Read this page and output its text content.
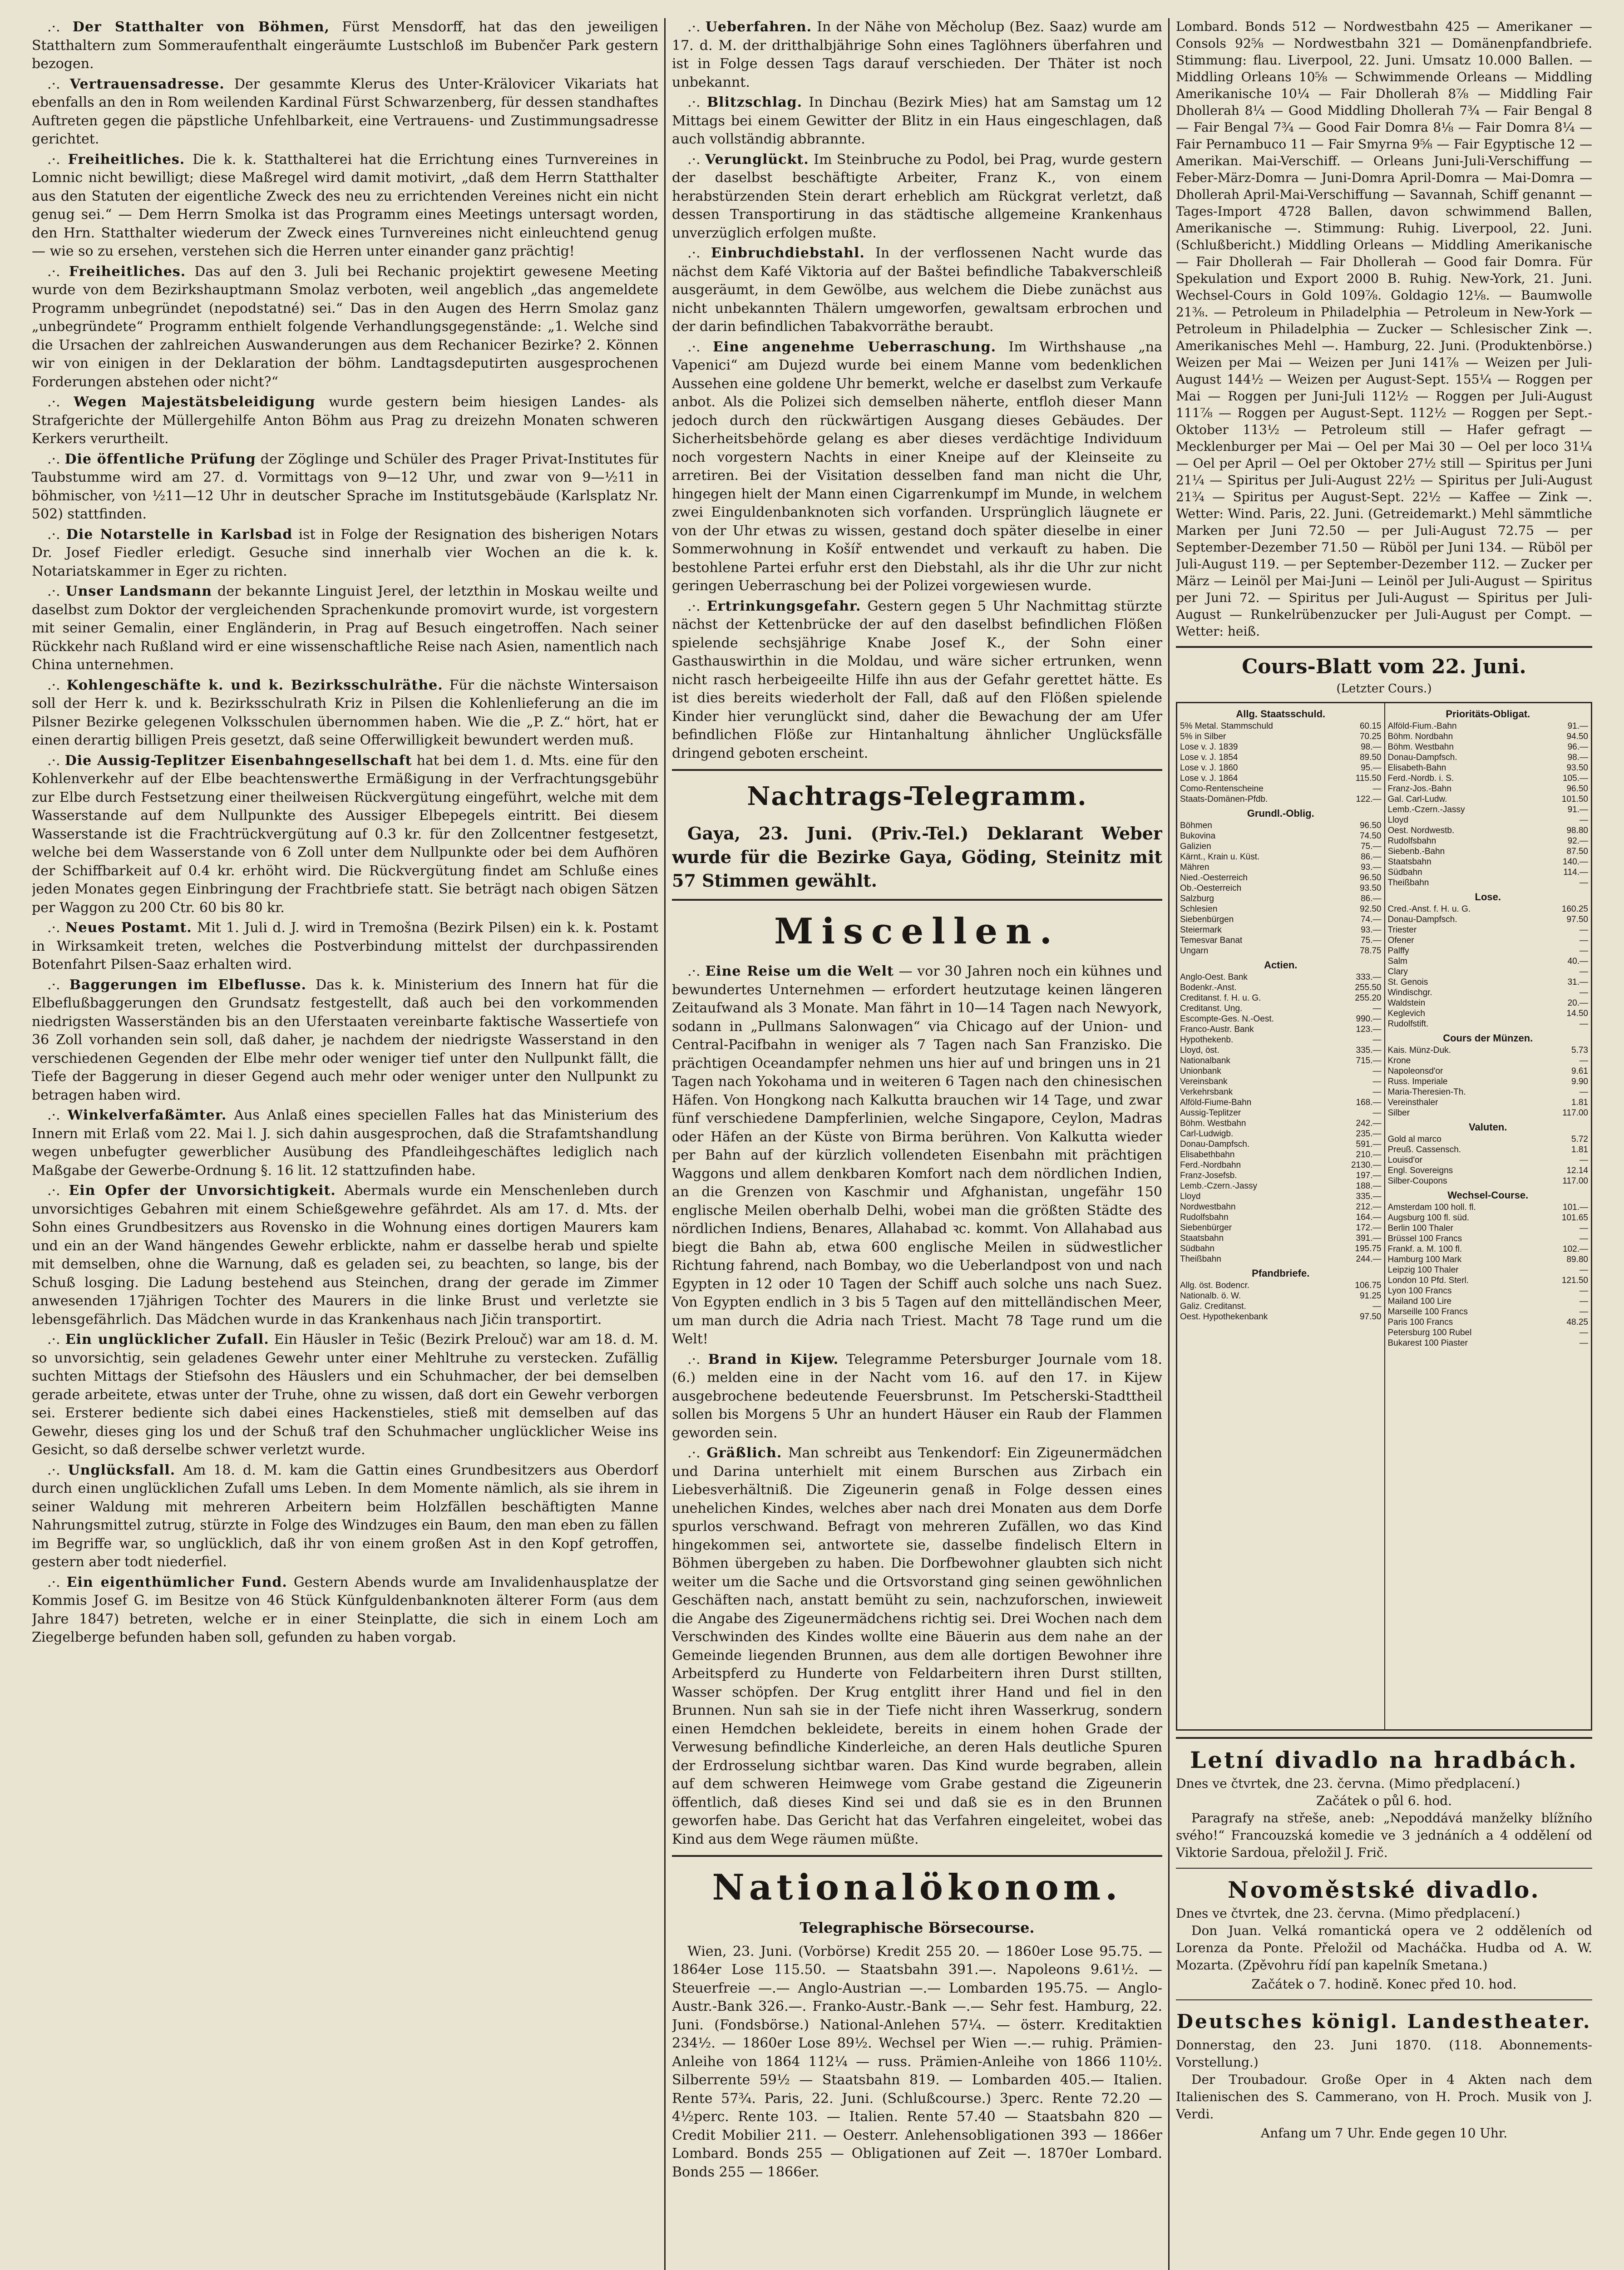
.·. Der Statthalter von Böhmen, Fürst Mensdorff, hat das den jeweiligen Statthaltern zum Sommeraufenthalt eingeräumte Lustschloß im Bubenčer Park gestern bezogen.

.·. Vertrauensadresse. Der gesammte Klerus des Unter-Krälovicer Vikariats hat ebenfalls an den in Rom weilenden Kardinal Fürst Schwarzenberg, für dessen standhaftes Auftreten gegen die päpstliche Unfehlbarkeit, eine Vertrauens- und Zustimmungsadresse gerichtet.

.·. Freiheitliches. Die k. k. Statthalterei hat die Errichtung eines Turnvereines in Lomnic nicht bewilligt; diese Maßregel wird damit motivirt, „daß dem Herrn Statthalter aus den Statuten der eigentliche Zweck des neu zu errichtenden Vereines nicht ein nicht genug sei.“ — Dem Herrn Smolka ist das Programm eines Meetings untersagt worden, den Hrn. Statthalter wiederum der Zweck eines Turnvereines nicht einleuchtend genug — wie so zu ersehen, verstehen sich die Herren unter einander ganz prächtig!

.·. Freiheitliches. Das auf den 3. Juli bei Rechanic projektirt gewesene Meeting wurde von dem Bezirkshauptmann Smolaz verboten, weil angeblich „das angemeldete Programm unbegründet (nepodstatné) sei.“ Das in den Augen des Herrn Smolaz ganz „unbegründete“ Programm enthielt folgende Verhandlungsgegenstände: „1. Welche sind die Ursachen der zahlreichen Auswanderungen aus dem Rechanicer Bezirke? 2. Können wir von einigen in der Deklaration der böhm. Landtagsdeputirten ausgesprochenen Forderungen abstehen oder nicht?“

.·. Wegen Majestätsbeleidigung wurde gestern beim hiesigen Landes- als Strafgerichte der Müllergehilfe Anton Böhm aus Prag zu dreizehn Monaten schweren Kerkers verurtheilt.

.·. Die öffentliche Prüfung der Zöglinge und Schüler des Prager Privat-Institutes für Taubstumme wird am 27. d. Vormittags von 9—12 Uhr, und zwar von 9—½11 in böhmischer, von ½11—12 Uhr in deutscher Sprache im Institutsgebäude (Karlsplatz Nr. 502) stattfinden.

.·. Die Notarstelle in Karlsbad ist in Folge der Resignation des bisherigen Notars Dr. Josef Fiedler erledigt. Gesuche sind innerhalb vier Wochen an die k. k. Notariatskammer in Eger zu richten.

.·. Unser Landsmann der bekannte Linguist Jerel, der letzthin in Moskau weilte und daselbst zum Doktor der vergleichenden Sprachenkunde promovirt wurde, ist vorgestern mit seiner Gemalin, einer Engländerin, in Prag auf Besuch eingetroffen. Nach seiner Rückkehr nach Rußland wird er eine wissenschaftliche Reise nach Asien, namentlich nach China unternehmen.

.·. Kohlengeschäfte k. und k. Bezirksschulräthe. Für die nächste Wintersaison soll der Herr k. und k. Bezirksschulrath Kriz in Pilsen die Kohlenlieferung an die im Pilsner Bezirke gelegenen Volksschulen übernommen haben. Wie die „P. Z.“ hört, hat er einen derartig billigen Preis gesetzt, daß seine Offerwilligkeit bewundert werden muß.

.·. Die Aussig-Teplitzer Eisenbahngesellschaft hat bei dem 1. d. Mts. eine für den Kohlenverkehr auf der Elbe beachtenswerthe Ermäßigung in der Verfrachtungsgebühr zur Elbe durch Festsetzung einer theilweisen Rückvergütung eingeführt, welche mit dem Wasserstande auf dem Nullpunkte des Aussiger Elbepegels eintritt. Bei diesem Wasserstande ist die Frachtrückvergütung auf 0.3 kr. für den Zollcentner festgesetzt, welche bei dem Wasserstande von 6 Zoll unter dem Nullpunkte oder bei dem Aufhören der Schiffbarkeit auf 0.4 kr. erhöht wird. Die Rückvergütung findet am Schluße eines jeden Monates gegen Einbringung der Frachtbriefe statt. Sie beträgt nach obigen Sätzen per Waggon zu 200 Ctr. 60 bis 80 kr.

.·. Neues Postamt. Mit 1. Juli d. J. wird in Tremošna (Bezirk Pilsen) ein k. k. Postamt in Wirksamkeit treten, welches die Postverbindung mittelst der durchpassirenden Botenfahrt Pilsen-Saaz erhalten wird.

.·. Baggerungen im Elbeflusse. Das k. k. Ministerium des Innern hat für die Elbeflußbaggerungen den Grundsatz festgestellt, daß auch bei den vorkommenden niedrigsten Wasserständen bis an den Uferstaaten vereinbarte faktische Wassertiefe von 36 Zoll vorhanden sein soll, daß daher, je nachdem der niedrigste Wasserstand in den verschiedenen Gegenden der Elbe mehr oder weniger tief unter den Nullpunkt fällt, die Tiefe der Baggerung in dieser Gegend auch mehr oder weniger unter den Nullpunkt zu betragen haben wird.

.·. Winkelverfaßämter. Aus Anlaß eines speciellen Falles hat das Ministerium des Innern mit Erlaß vom 22. Mai l. J. sich dahin ausgesprochen, daß die Strafamtshandlung wegen unbefugter gewerblicher Ausübung des Pfandleihgeschäftes lediglich nach Maßgabe der Gewerbe-Ordnung §. 16 lit. 12 stattzufinden habe.

.·. Ein Opfer der Unvorsichtigkeit. Abermals wurde ein Menschenleben durch unvorsichtiges Gebahren mit einem Schießgewehre gefährdet. Als am 17. d. Mts. der Sohn eines Grundbesitzers aus Rovensko in die Wohnung eines dortigen Maurers kam und ein an der Wand hängendes Gewehr erblickte, nahm er dasselbe herab und spielte mit demselben, ohne die Warnung, daß es geladen sei, zu beachten, so lange, bis der Schuß losging. Die Ladung bestehend aus Steinchen, drang der gerade im Zimmer anwesenden 17jährigen Tochter des Maurers in die linke Brust und verletzte sie lebensgefährlich. Das Mädchen wurde in das Krankenhaus nach Jičin transportirt.

.·. Ein unglücklicher Zufall. Ein Häusler in Tešic (Bezirk Prelouč) war am 18. d. M. so unvorsichtig, sein geladenes Gewehr unter einer Mehltruhe zu verstecken. Zufällig suchten Mittags der Stiefsohn des Häuslers und ein Schuhmacher, der bei demselben gerade arbeitete, etwas unter der Truhe, ohne zu wissen, daß dort ein Gewehr verborgen sei. Ersterer bediente sich dabei eines Hackenstieles, stieß mit demselben auf das Gewehr, dieses ging los und der Schuß traf den Schuhmacher unglücklicher Weise ins Gesicht, so daß derselbe schwer verletzt wurde.

.·. Unglücksfall. Am 18. d. M. kam die Gattin eines Grundbesitzers aus Oberdorf durch einen unglücklichen Zufall ums Leben. In dem Momente nämlich, als sie ihrem in seiner Waldung mit mehreren Arbeitern beim Holzfällen beschäftigten Manne Nahrungsmittel zutrug, stürzte in Folge des Windzuges ein Baum, den man eben zu fällen im Begriffe war, so unglücklich, daß ihr von einem großen Ast in den Kopf getroffen, gestern aber todt niederfiel.

.·. Ein eigenthümlicher Fund. Gestern Abends wurde am Invalidenhausplatze der Kommis Josef G. im Besitze von 46 Stück Künfguldenbanknoten älterer Form (aus dem Jahre 1847) betreten, welche er in einer Steinplatte, die sich in einem Loch am Ziegelberge befunden haben soll, gefunden zu haben vorgab.

.·. Ueberfahren. In der Nähe von Měcholup (Bez. Saaz) wurde am 17. d. M. der dritthalbjährige Sohn eines Taglöhners überfahren und ist in Folge dessen Tags darauf verschieden. Der Thäter ist noch unbekannt.

.·. Blitzschlag. In Dinchau (Bezirk Mies) hat am Samstag um 12 Mittags bei einem Gewitter der Blitz in ein Haus eingeschlagen, daß auch vollständig abbrannte.

.·. Verunglückt. Im Steinbruche zu Podol, bei Prag, wurde gestern der daselbst beschäftigte Arbeiter, Franz K., von einem herabstürzenden Stein derart erheblich am Rückgrat verletzt, daß dessen Transportirung in das städtische allgemeine Krankenhaus unverzüglich erfolgen mußte.

.·. Einbruchdiebstahl. In der verflossenen Nacht wurde das nächst dem Kafé Viktoria auf der Baštei befindliche Tabakverschleiß ausgeräumt, in dem Gewölbe, aus welchem die Diebe zunächst aus nicht unbekannten Thälern umgeworfen, gewaltsam erbrochen und der darin befindlichen Tabakvorräthe beraubt.

.·. Eine angenehme Ueberraschung. Im Wirthshause „na Vapenici“ am Dujezd wurde bei einem Manne vom bedenklichen Aussehen eine goldene Uhr bemerkt, welche er daselbst zum Verkaufe anbot. Als die Polizei sich demselben näherte, entfloh dieser Mann jedoch durch den rückwärtigen Ausgang dieses Gebäudes. Der Sicherheitsbehörde gelang es aber dieses verdächtige Individuum noch vorgestern Nachts in einer Kneipe auf der Kleinseite zu arretiren. Bei der Visitation desselben fand man nicht die Uhr, hingegen hielt der Mann einen Cigarrenkumpf im Munde, in welchem zwei Einguldenbanknoten sich vorfanden. Ursprünglich läugnete er von der Uhr etwas zu wissen, gestand doch später dieselbe in einer Sommerwohnung in Košíř entwendet und verkauft zu haben. Die bestohlene Partei erfuhr erst den Diebstahl, als ihr die Uhr zur nicht geringen Ueberraschung bei der Polizei vorgewiesen wurde.

.·. Ertrinkungsgefahr. Gestern gegen 5 Uhr Nachmittag stürzte nächst der Kettenbrücke der auf den daselbst befindlichen Flößen spielende sechsjährige Knabe Josef K., der Sohn einer Gasthauswirthin in die Moldau, und wäre sicher ertrunken, wenn nicht rasch herbeigeeilte Hilfe ihn aus der Gefahr gerettet hätte. Es ist dies bereits wiederholt der Fall, daß auf den Flößen spielende Kinder hier verunglückt sind, daher die Bewachung der am Ufer befindlichen Flöße zur Hintanhaltung ähnlicher Unglücksfälle dringend geboten erscheint.

Nachtrags-Telegramm.

Gaya, 23. Juni. (Priv.-Tel.) Deklarant Weber wurde für die Bezirke Gaya, Göding, Steinitz mit 57 Stimmen gewählt.

Miscellen.

.·. Eine Reise um die Welt — vor 30 Jahren noch ein kühnes und bewundertes Unternehmen — erfordert heutzutage keinen längeren Zeitaufwand als 3 Monate. Man fährt in 10—14 Tagen nach Newyork, sodann in „Pullmans Salonwagen“ via Chicago auf der Union- und Central-Pacifbahn in weniger als 7 Tagen nach San Franzisko. Die prächtigen Oceandampfer nehmen uns hier auf und bringen uns in 21 Tagen nach Yokohama und in weiteren 6 Tagen nach den chinesischen Häfen. Von Hongkong nach Kalkutta brauchen wir 14 Tage, und zwar fünf verschiedene Dampferlinien, welche Singapore, Ceylon, Madras oder Häfen an der Küste von Birma berühren. Von Kalkutta wieder per Bahn auf der kürzlich vollendeten Eisenbahn mit prächtigen Waggons und allem denkbaren Komfort nach dem nördlichen Indien, an die Grenzen von Kaschmir und Afghanistan, ungefähr 150 englische Meilen oberhalb Delhi, wobei man die größten Städte des nördlichen Indiens, Benares, Allahabad ꝛc. kommt. Von Allahabad aus biegt die Bahn ab, etwa 600 englische Meilen in südwestlicher Richtung fahrend, nach Bombay, wo die Ueberlandpost von und nach Egypten in 12 oder 10 Tagen der Schiff auch solche uns nach Suez. Von Egypten endlich in 3 bis 5 Tagen auf den mittelländischen Meer, um man durch die Adria nach Triest. Macht 78 Tage rund um die Welt!

.·. Brand in Kijew. Telegramme Petersburger Journale vom 18. (6.) melden eine in der Nacht vom 16. auf den 17. in Kijew ausgebrochene bedeutende Feuersbrunst. Im Petscherski-Stadttheil sollen bis Morgens 5 Uhr an hundert Häuser ein Raub der Flammen geworden sein.

.·. Gräßlich. Man schreibt aus Tenkendorf: Ein Zigeunermädchen und Darina unterhielt mit einem Burschen aus Zirbach ein Liebesverhältniß. Die Zigeunerin genaß in Folge dessen eines unehelichen Kindes, welches aber nach drei Monaten aus dem Dorfe spurlos verschwand. Befragt von mehreren Zufällen, wo das Kind hingekommen sei, antwortete sie, dasselbe findelisch Eltern in Böhmen übergeben zu haben. Die Dorfbewohner glaubten sich nicht weiter um die Sache und die Ortsvorstand ging seinen gewöhnlichen Geschäften nach, anstatt bemüht zu sein, nachzuforschen, inwieweit die Angabe des Zigeunermädchens richtig sei. Drei Wochen nach dem Verschwinden des Kindes wollte eine Bäuerin aus dem nahe an der Gemeinde liegenden Brunnen, aus dem alle dortigen Bewohner ihre Arbeitspferd zu Hunderte von Feldarbeitern ihren Durst stillten, Wasser schöpfen. Der Krug entglitt ihrer Hand und fiel in den Brunnen. Nun sah sie in der Tiefe nicht ihren Wasserkrug, sondern einen Hemdchen bekleidete, bereits in einem hohen Grade der Verwesung befindliche Kinderleiche, an deren Hals deutliche Spuren der Erdrosselung sichtbar waren. Das Kind wurde begraben, allein auf dem schweren Heimwege vom Grabe gestand die Zigeunerin öffentlich, daß dieses Kind sei und daß sie es in den Brunnen geworfen habe. Das Gericht hat das Verfahren eingeleitet, wobei das Kind aus dem Wege räumen müßte.

Nationalökonom.
Telegraphische Börsecourse.

Wien, 23. Juni. (Vorbörse) Kredit 255 20. — 1860er Lose 95.75. — 1864er Lose 115.50. — Staatsbahn 391.—. Napoleons 9.61½. — Steuerfreie —.— Anglo-Austrian —.— Lombarden 195.75. — Anglo-Austr.-Bank 326.—. Franko-Austr.-Bank —.— Sehr fest. Hamburg, 22. Juni. (Fondsbörse.) National-Anlehen 57¼. — österr. Kreditaktien 234½. — 1860er Lose 89½. Wechsel per Wien —.— ruhig. Prämien-Anleihe von 1864 112¼ — russ. Prämien-Anleihe von 1866 110½. Silberrente 59½ — Staatsbahn 819. — Lombarden 405.— Italien. Rente 57¾. Paris, 22. Juni. (Schlußcourse.) 3perc. Rente 72.20 — 4½perc. Rente 103. — Italien. Rente 57.40 — Staatsbahn 820 — Credit Mobilier 211. — Oesterr. Anlehensobligationen 393 — 1866er Lombard. Bonds 255 — Obligationen auf Zeit —. 1870er Lombard. Bonds 255 — 1866er.

Lombard. Bonds 512 — Nordwestbahn 425 — Amerikaner — Consols 92⅝ — Nordwestbahn 321 — Domänenpfandbriefe. Stimmung: flau. Liverpool, 22. Juni. Umsatz 10.000 Ballen. — Middling Orleans 10⅝ — Schwimmende Orleans — Middling Amerikanische 10¼ — Fair Dhollerah 8⅞ — Middling Fair Dhollerah 8¼ — Good Middling Dhollerah 7¾ — Fair Bengal 8 — Fair Bengal 7¾ — Good Fair Domra 8⅛ — Fair Domra 8¼ — Fair Pernambuco 11 — Fair Smyrna 9⅝ — Fair Egyptische 12 — Amerikan. Mai-Verschiff. — Orleans Juni-Juli-Verschiffung — Feber-März-Domra — Juni-Domra April-Domra — Mai-Domra — Dhollerah April-Mai-Verschiffung — Savannah, Schiff genannt — Tages-Import 4728 Ballen, davon schwimmend Ballen, Amerikanische —. Stimmung: Ruhig. Liverpool, 22. Juni. (Schlußbericht.) Middling Orleans — Middling Amerikanische — Fair Dhollerah — Fair Dhollerah — Good fair Domra. Für Spekulation und Export 2000 B. Ruhig. New-York, 21. Juni. Wechsel-Cours in Gold 109⅞. Goldagio 12⅛. — Baumwolle 21⅜. — Petroleum in Philadelphia — Petroleum in New-York — Petroleum in Philadelphia — Zucker — Schlesischer Zink —. Amerikanisches Mehl —. Hamburg, 22. Juni. (Produktenbörse.) Weizen per Mai — Weizen per Juni 141⅞ — Weizen per Juli-August 144½ — Weizen per August-Sept. 155¼ — Roggen per Mai — Roggen per Juni-Juli 112½ — Roggen per Juli-August 111⅞ — Roggen per August-Sept. 112½ — Roggen per Sept.-Oktober 113½ — Petroleum still — Hafer gefragt — Mecklenburger per Mai — Oel per Mai 30 — Oel per loco 31¼ — Oel per April — Oel per Oktober 27½ still — Spiritus per Juni 21¼ — Spiritus per Juli-August 22½ — Spiritus per Juli-August 21¾ — Spiritus per August-Sept. 22½ — Kaffee — Zink —. Wetter: Wind. Paris, 22. Juni. (Getreidemarkt.) Mehl sämmtliche Marken per Juni 72.50 — per Juli-August 72.75 — per September-Dezember 71.50 — Rüböl per Juni 134. — Rüböl per Juli-August 119. — per September-Dezember 112. — Zucker per März — Leinöl per Mai-Juni — Leinöl per Juli-August — Spiritus per Juni 72. — Spiritus per Juli-August — Spiritus per Juli-August — Runkelrübenzucker per Juli-August per Compt. — Wetter: heiß.

Cours-Blatt vom 22. Juni.
(Letzter Cours.)
Allg. Staatsschuld.
5% Metal. Stammschuld	60.15
5% in Silber	70.25
Lose v. J. 1839	98.—
Lose v. J. 1854	89.50
Lose v. J. 1860	95.—
Lose v. J. 1864	115.50
Como-Rentenscheine	—
Staats-Domänen-Pfdb.	122.—
Grundl.-Oblig.
Böhmen	96.50
Bukovina	74.50
Galizien	75.—
Kärnt., Krain u. Küst.	86.—
Mähren	93.—
Nied.-Oesterreich	96.50
Ob.-Oesterreich	93.50
Salzburg	86.—
Schlesien	92.50
Siebenbürgen	74.—
Steiermark	93.—
Temesvar Banat	75.—
Ungarn	78.75
Actien.
Anglo-Oest. Bank	333.—
Bodenkr.-Anst.	255.50
Creditanst. f. H. u. G.	255.20
Creditanst. Ung.	—
Escompte-Ges. N.-Oest.	990.—
Franco-Austr. Bank	123.—
Hypothekenb.	—
Lloyd, öst.	335.—
Nationalbank	715.—
Unionbank	—
Vereinsbank	—
Verkehrsbank	—
Alföld-Fiume-Bahn	168.—
Aussig-Teplitzer	—
Böhm. Westbahn	242.—
Carl-Ludwigb.	235.—
Donau-Dampfsch.	591.—
Elisabethbahn	210.—
Ferd.-Nordbahn	2130.—
Franz-Josefsb.	197.—
Lemb.-Czern.-Jassy	188.—
Lloyd	335.—
Nordwestbahn	212.—
Rudolfsbahn	164.—
Siebenbürger	172.—
Staatsbahn	391.—
Südbahn	195.75
Theißbahn	244.—
Pfandbriefe.
Allg. öst. Bodencr.	106.75
Nationalb. ö. W.	91.25
Galiz. Creditanst.	—
Oest. Hypothekenbank	97.50
Prioritäts-Obligat.
Alföld-Fium.-Bahn	91.—
Böhm. Nordbahn	94.50
Böhm. Westbahn	96.—
Donau-Dampfsch.	98.—
Elisabeth-Bahn	93.50
Ferd.-Nordb. i. S.	105.—
Franz-Jos.-Bahn	96.50
Gal. Carl-Ludw.	101.50
Lemb.-Czern.-Jassy	91.—
Lloyd	—
Oest. Nordwestb.	98.80
Rudolfsbahn	92.—
Siebenb.-Bahn	87.50
Staatsbahn	140.—
Südbahn	114.—
Theißbahn	—
Lose.
Cred.-Anst. f. H. u. G.	160.25
Donau-Dampfsch.	97.50
Triester	—
Ofener	—
Palffy	—
Salm	40.—
Clary	—
St. Genois	31.—
Windischgr.	—
Waldstein	20.—
Keglevich	14.50
Rudolfstift.	—
Cours der Münzen.
Kais. Münz-Duk.	5.73
Krone	—
Napoleonsd'or	9.61
Russ. Imperiale	9.90
Maria-Theresien-Th.	—
Vereinsthaler	1.81
Silber	117.00
Valuten.
Gold al marco	5.72
Preuß. Cassensch.	1.81
Louisd'or	—
Engl. Sovereigns	12.14
Silber-Coupons	117.00
Wechsel-Course.
Amsterdam 100 holl. fl.	101.—
Augsburg 100 fl. süd.	101.65
Berlin 100 Thaler	—
Brüssel 100 Francs	—
Frankf. a. M. 100 fl.	102.—
Hamburg 100 Mark	89.80
Leipzig 100 Thaler	—
London 10 Pfd. Sterl.	121.50
Lyon 100 Francs	—
Mailand 100 Lire	—
Marseille 100 Francs	—
Paris 100 Francs	48.25
Petersburg 100 Rubel	—
Bukarest 100 Piaster	—
Letní divadlo na hradbách.
Dnes ve čtvrtek, dne 23. června. (Mimo předplacení.)
Začátek o půl 6. hod.

Paragrafy na střeše, aneb: „Nepoddává manželky blížního svého!“ Francouzská komedie ve 3 jednáních a 4 oddělení od Viktorie Sardoua, přeložil J. Frič.

Novoměstské divadlo.
Dnes ve čtvrtek, dne 23. června. (Mimo předplacení.)

Don Juan. Velká romantická opera ve 2 odděleních od Lorenza da Ponte. Přeložil od Macháčka. Hudba od A. W. Mozarta. (Zpěvohru řídí pan kapelník Smetana.)

Začátek o 7. hodině. Konec před 10. hod.
Deutsches königl. Landestheater.
Donnerstag, den 23. Juni 1870. (118. Abonnements-Vorstellung.)

Der Troubadour. Große Oper in 4 Akten nach dem Italienischen des S. Cammerano, von H. Proch. Musik von J. Verdi.

Anfang um 7 Uhr. Ende gegen 10 Uhr.
